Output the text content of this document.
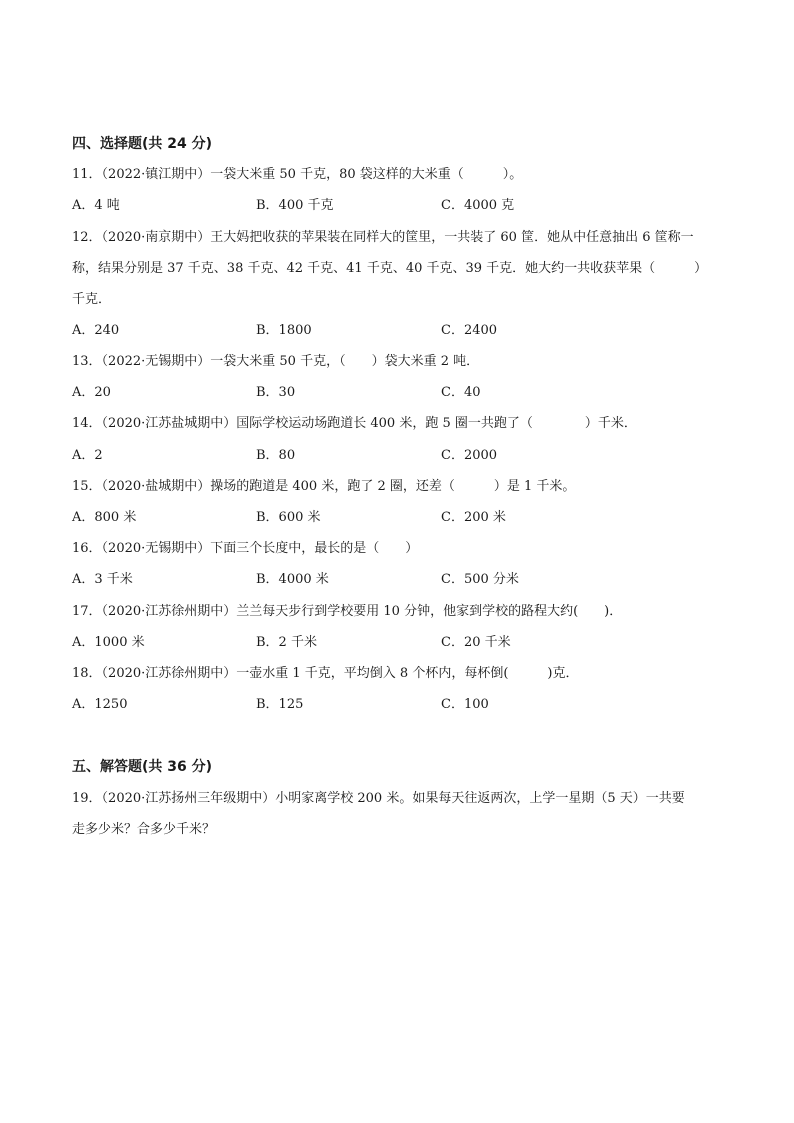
四、选择题(共 24 分)
11．（2022·镇江期中）一袋大米重 50 千克，80 袋这样的大米重（　　　）。
A．4 吨	B．400 千克	C．4000 克
12．（2020·南京期中）王大妈把收获的苹果装在同样大的筐里，一共装了 60 筐．她从中任意抽出 6 筐称一
称，结果分别是 37 千克、38 千克、42 千克、41 千克、40 千克、39 千克．她大约一共收获苹果（　　　）
千克．
A．240	B．1800	C．2400
13．（2022·无锡期中）一袋大米重 50 千克，（　　）袋大米重 2 吨．
A．20	B．30	C．40
14．（2020·江苏盐城期中）国际学校运动场跑道长 400 米，跑 5 圈一共跑了（　　　　）千米．
A．2	B．80	C．2000
15．（2020·盐城期中）操场的跑道是 400 米，跑了 2 圈，还差（　　　）是 1 千米。
A．800 米	B．600 米	C．200 米
16．（2020·无锡期中）下面三个长度中，最长的是（　　）
A．3 千米	B．4000 米	C．500 分米
17．（2020·江苏徐州期中）兰兰每天步行到学校要用 10 分钟，他家到学校的路程大约(　　)．
A．1000 米	B．2 千米	C．20 千米
18．（2020·江苏徐州期中）一壶水重 1 千克，平均倒入 8 个杯内，每杯倒(　　　)克．
A．1250	B．125	C．100
五、解答题(共 36 分)
19．（2020·江苏扬州三年级期中）小明家离学校 200 米。如果每天往返两次，上学一星期（5 天）一共要
走多少米？合多少千米？
